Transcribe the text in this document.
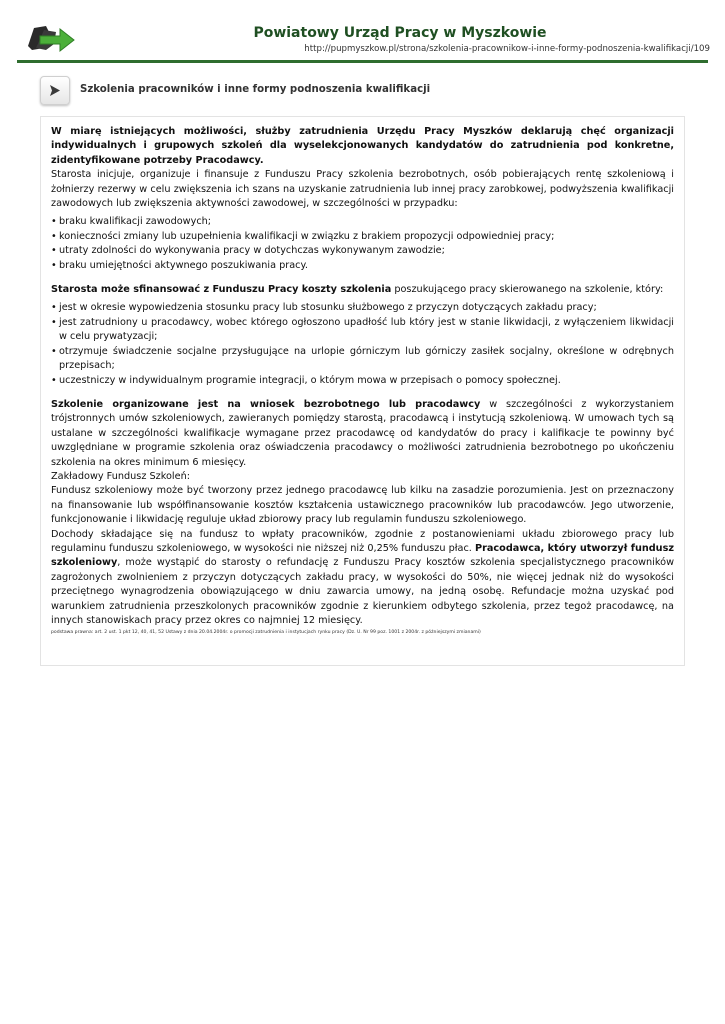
Powiatowy Urząd Pracy w Myszkowie
http://pupmyszkow.pl/strona/szkolenia-pracownikow-i-inne-formy-podnoszenia-kwalifikacji/109
Szkolenia pracowników i inne formy podnoszenia kwalifikacji

W miarę istniejących możliwości, służby zatrudnienia Urzędu Pracy Myszków deklarują chęć organizacji indywidualnych i grupowych szkoleń dla wyselekcjonowanych kandydatów do zatrudnienia pod konkretne, zidentyfikowane potrzeby Pracodawcy.
Starosta inicjuje, organizuje i finansuje z Funduszu Pracy szkolenia bezrobotnych, osób pobierających rentę szkoleniową i żołnierzy rezerwy w celu zwiększenia ich szans na uzyskanie zatrudnienia lub innej pracy zarobkowej, podwyższenia kwalifikacji zawodowych lub zwiększenia aktywności zawodowej, w szczególności w przypadku:

• braku kwalifikacji zawodowych;
• konieczności zmiany lub uzupełnienia kwalifikacji w związku z brakiem propozycji odpowiedniej pracy;
• utraty zdolności do wykonywania pracy w dotychczas wykonywanym zawodzie;
• braku umiejętności aktywnego poszukiwania pracy.

Starosta może sfinansować z Funduszu Pracy koszty szkolenia poszukującego pracy skierowanego na szkolenie, który:

• jest w okresie wypowiedzenia stosunku pracy lub stosunku służbowego z przyczyn dotyczących zakładu pracy;
• jest zatrudniony u pracodawcy, wobec którego ogłoszono upadłość lub który jest w stanie likwidacji, z wyłączeniem likwidacji w celu prywatyzacji;
• otrzymuje świadczenie socjalne przysługujące na urlopie górniczym lub górniczy zasiłek socjalny, określone w odrębnych przepisach;
• uczestniczy w indywidualnym programie integracji, o którym mowa w przepisach o pomocy społecznej.

Szkolenie organizowane jest na wniosek bezrobotnego lub pracodawcy w szczególności z wykorzystaniem trójstronnych umów szkoleniowych, zawieranych pomiędzy starostą, pracodawcą i instytucją szkoleniową. W umowach tych są ustalane w szczególności kwalifikacje wymagane przez pracodawcę od kandydatów do pracy i kalifikacje te powinny być uwzględniane w programie szkolenia oraz oświadczenia pracodawcy o możliwości zatrudnienia bezrobotnego po ukończeniu szkolenia na okres minimum 6 miesięcy.
Zakładowy Fundusz Szkoleń:
Fundusz szkoleniowy może być tworzony przez jednego pracodawcę lub kilku na zasadzie porozumienia. Jest on przeznaczony na finansowanie lub współfinansowanie kosztów kształcenia ustawicznego pracowników lub pracodawców. Jego utworzenie, funkcjonowanie i likwidację reguluje układ zbiorowy pracy lub regulamin funduszu szkoleniowego.
Dochody składające się na fundusz to wpłaty pracowników, zgodnie z postanowieniami układu zbiorowego pracy lub regulaminu funduszu szkoleniowego, w wysokości nie niższej niż 0,25% funduszu płac. Pracodawca, który utworzył fundusz szkoleniowy, może wystąpić do starosty o refundację z Funduszu Pracy kosztów szkolenia specjalistycznego pracowników zagrożonych zwolnieniem z przyczyn dotyczących zakładu pracy, w wysokości do 50%, nie więcej jednak niż do wysokości przeciętnego wynagrodzenia obowiązującego w dniu zawarcia umowy, na jedną osobę. Refundacje można uzyskać pod warunkiem zatrudnienia przeszkolonych pracowników zgodnie z kierunkiem odbytego szkolenia, przez tegoż pracodawcę, na innych stanowiskach pracy przez okres co najmniej 12 miesięcy.

podstawa prawna: art. 2 ust. 1 pkt 12, 40, 41, 52 Ustawy z dnia 20.04.2004r. o promocji zatrudnienia i instytucjach rynku pracy (Dz. U. Nr 99 poz. 1001 z 2004r. z późniejszymi zmianami)
